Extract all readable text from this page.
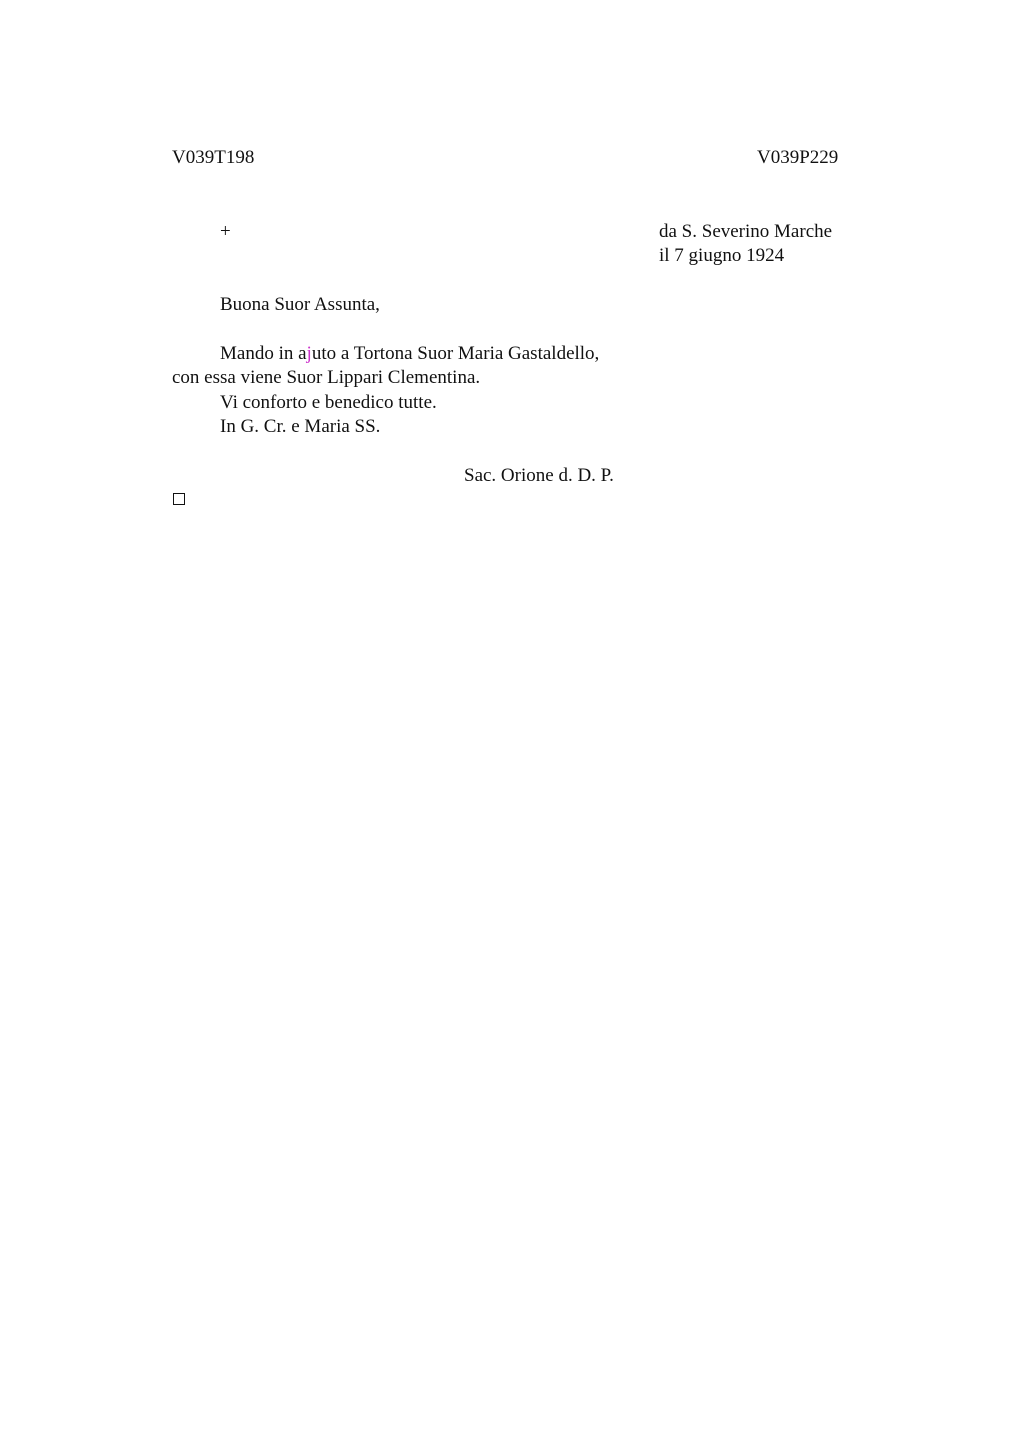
V039T198	V039P229
+	da S. Severino Marche
il 7 giugno 1924
Buona Suor Assunta,
Mando in ajuto a Tortona Suor Maria Gastaldello,
con essa viene Suor Lippari Clementina.
Vi conforto e benedico tutte.
In G. Cr. e Maria SS.
Sac. Orione d. D. P.
